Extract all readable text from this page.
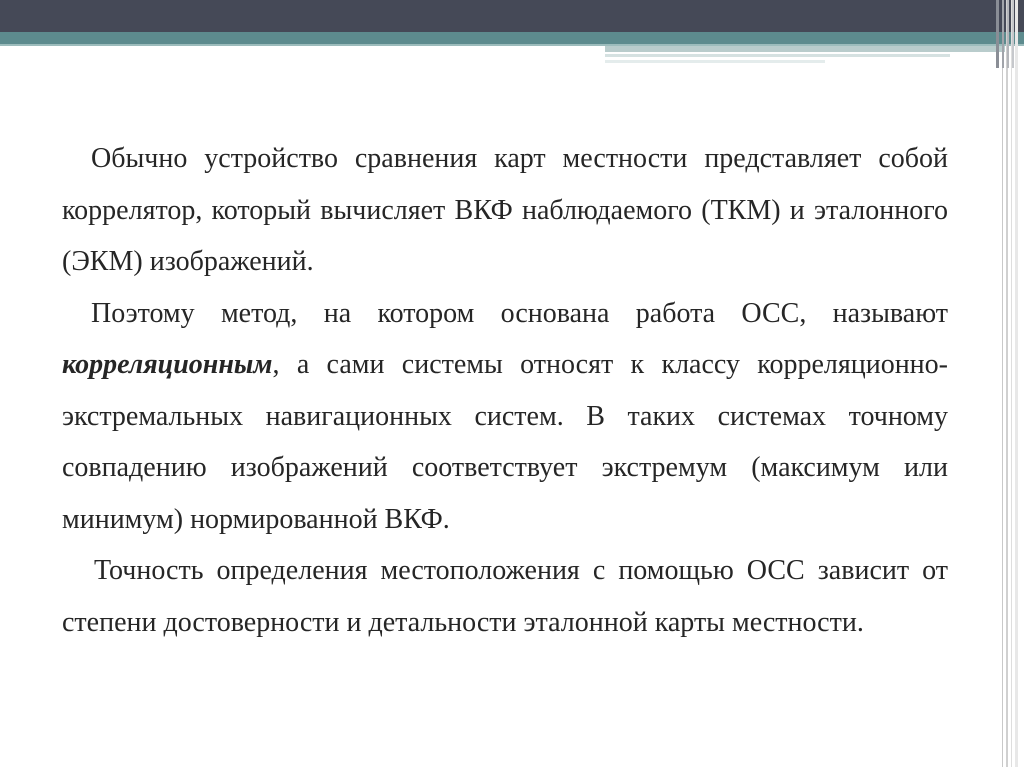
Обычно устройство сравнения карт местности представляет собой коррелятор, который вычисляет ВКФ наблюдаемого (ТКМ) и эталонного (ЭКМ) изображений.

Поэтому метод, на котором основана работа ОСС, называют корреляционным, а сами системы относят к классу корреляционно-экстремальных навигационных систем. В таких системах точному совпадению изображений соответствует экстремум (максимум или минимум) нормированной ВКФ.

Точность определения местоположения с помощью ОСС зависит от степени достоверности и детальности эталонной карты местности.
